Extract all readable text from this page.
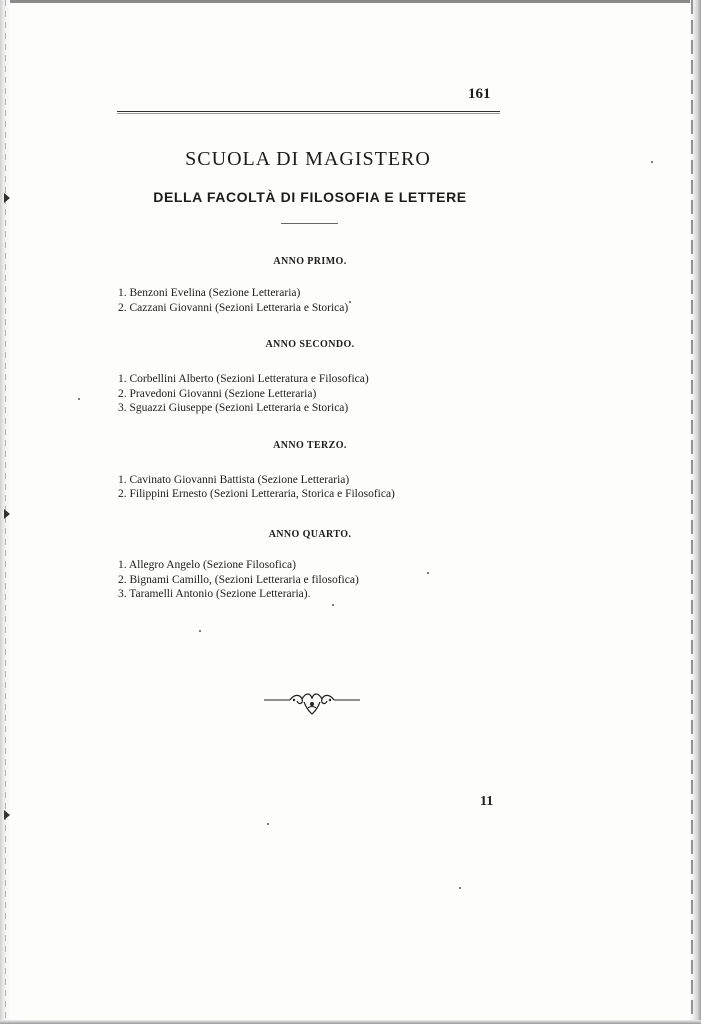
161
SCUOLA DI MAGISTERO
DELLA FACOLTÀ DI FILOSOFIA E LETTERE
ANNO PRIMO.
1. Benzoni Evelina (Sezione Letteraria)
2. Cazzani Giovanni (Sezioni Letteraria e Storica)
ANNO SECONDO.
1. Corbellini Alberto (Sezioni Letteratura e Filosofica)
2. Pravedoni Giovanni (Sezione Letteraria)
3. Sguazzi Giuseppe (Sezioni Letteraria e Storica)
ANNO TERZO.
1. Cavinato Giovanni Battista (Sezione Letteraria)
2. Filippini Ernesto (Sezioni Letteraria, Storica e Filosofica)
ANNO QUARTO.
1. Allegro Angelo (Sezione Filosofica)
2. Bignami Camillo, (Sezioni Letteraria e filosofica)
3. Taramelli Antonio (Sezione Letteraria).
11
